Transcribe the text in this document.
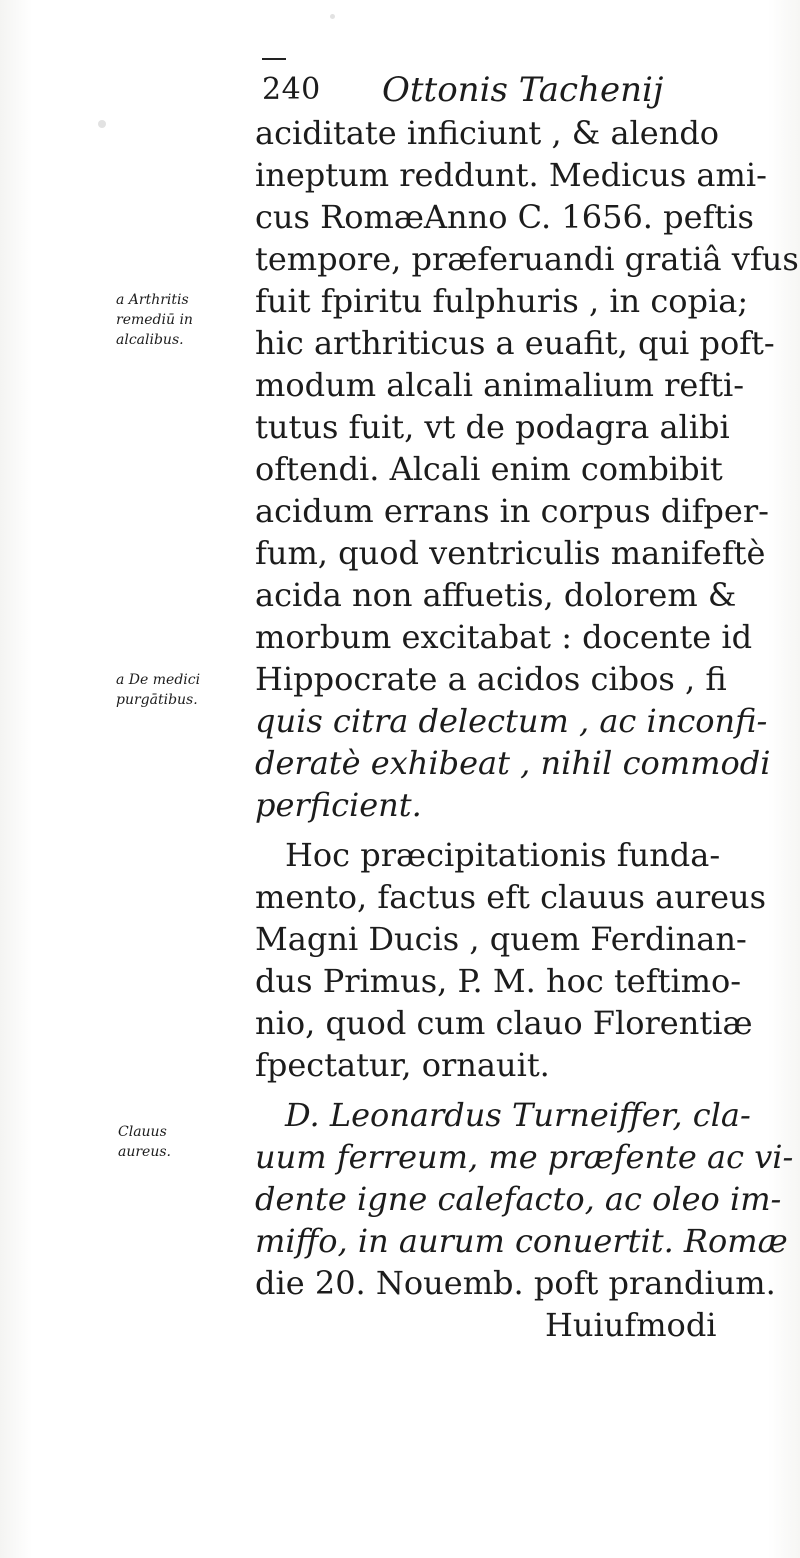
240 Ottonis Tachenij
aciditate inficiunt , & alendo
ineptum reddunt. Medicus ami-
cus RomæAnno C. 1656. peftis
tempore, præferuandi gratiâ vfus
fuit fpiritu fulphuris , in copia;
hic arthriticus a euafit, qui poft-
modum alcali animalium refti-
tutus fuit, vt de podagra alibi
oftendi. Alcali enim combibit
acidum errans in corpus difper-
fum, quod ventriculis manifeftè
acida non affuetis, dolorem &
morbum excitabat : docente id
Hippocrate a acidos cibos , fi
quis citra delectum , ac inconfi-
deratè exhibeat , nihil commodi
perficient.
Hoc præcipitationis funda-
mento, factus eft clauus aureus
Magni Ducis , quem Ferdinan-
dus Primus, P. M. hoc teftimo-
nio, quod cum clauo Florentiæ
fpectatur, ornauit.
D. Leonardus Turneiffer, cla-
uum ferreum, me præfente ac vi-
dente igne calefacto, ac oleo im-
miffo, in aurum conuertit. Romæ
die 20. Nouemb. poft prandium.
Huiufmodi
a Arthritis
remediū in
alcalibus.
a De medici
purgātibus.
Clauus
aureus.
